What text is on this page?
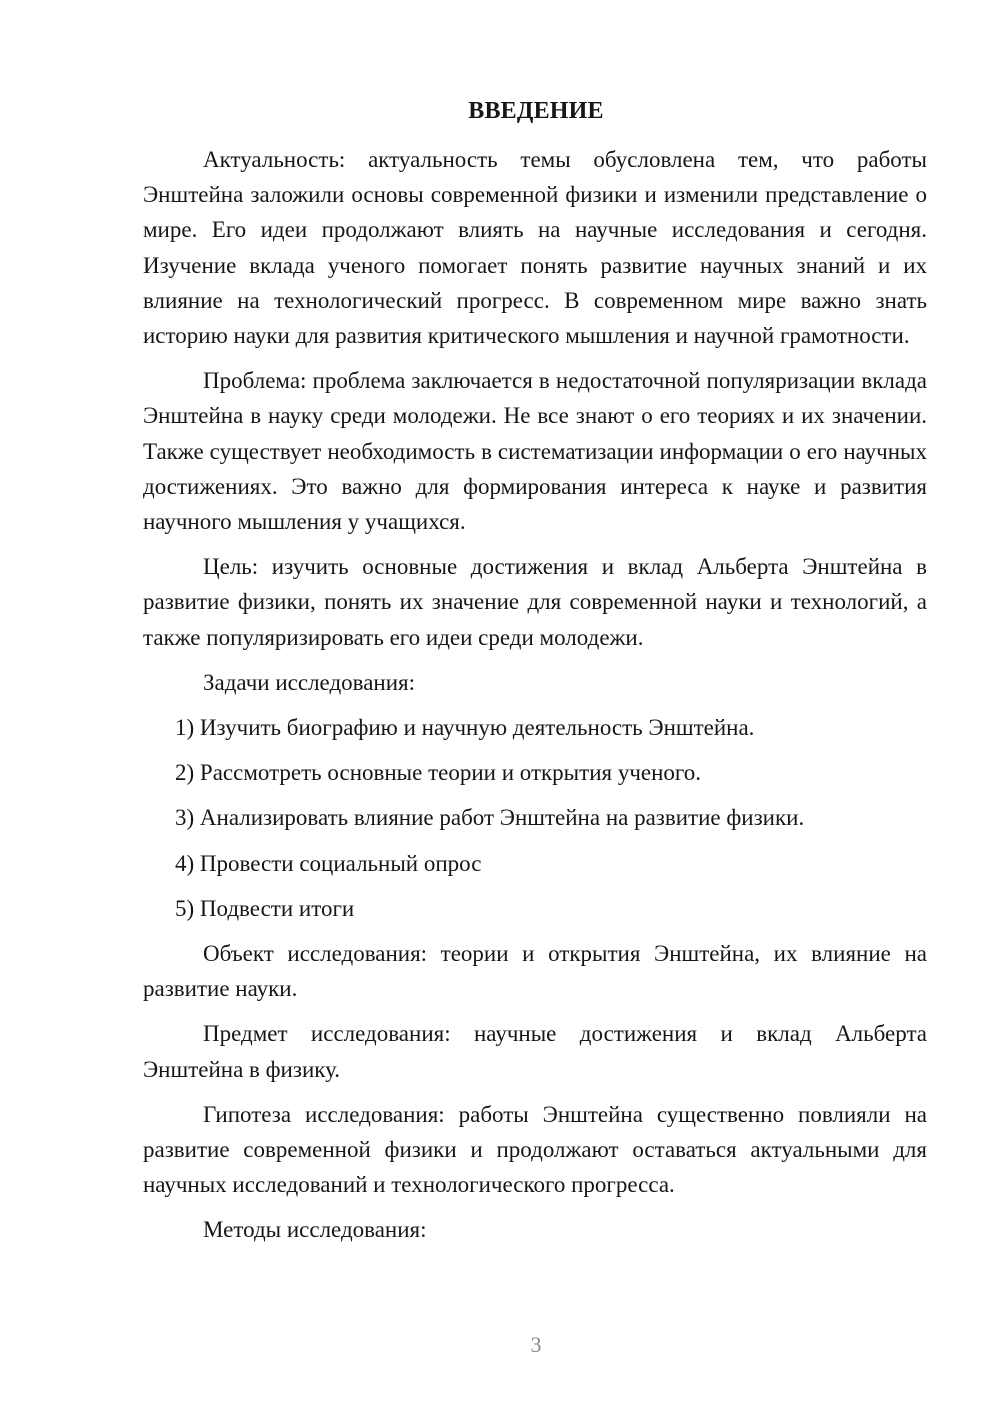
ВВЕДЕНИЕ

Актуальность: актуальность темы обусловлена тем, что работы Энштейна заложили основы современной физики и изменили представление о мире. Его идеи продолжают влиять на научные исследования и сегодня. Изучение вклада ученого помогает понять развитие научных знаний и их влияние на технологический прогресс. В современном мире важно знать историю науки для развития критического мышления и научной грамотности.

Проблема: проблема заключается в недостаточной популяризации вклада Энштейна в науку среди молодежи. Не все знают о его теориях и их значении. Также существует необходимость в систематизации информации о его научных достижениях. Это важно для формирования интереса к науке и развития научного мышления у учащихся.

Цель: изучить основные достижения и вклад Альберта Энштейна в развитие физики, понять их значение для современной науки и технологий, а также популяризировать его идеи среди молодежи.

Задачи исследования:

1) Изучить биографию и научную деятельность Энштейна.

2) Рассмотреть основные теории и открытия ученого.

3) Анализировать влияние работ Энштейна на развитие физики.

4) Провести социальный опрос

5) Подвести итоги

Объект исследования: теории и открытия Энштейна, их влияние на развитие науки.

Предмет исследования: научные достижения и вклад Альберта Энштейна в физику.

Гипотеза исследования: работы Энштейна существенно повлияли на развитие современной физики и продолжают оставаться актуальными для научных исследований и технологического прогресса.

Методы исследования:

3
